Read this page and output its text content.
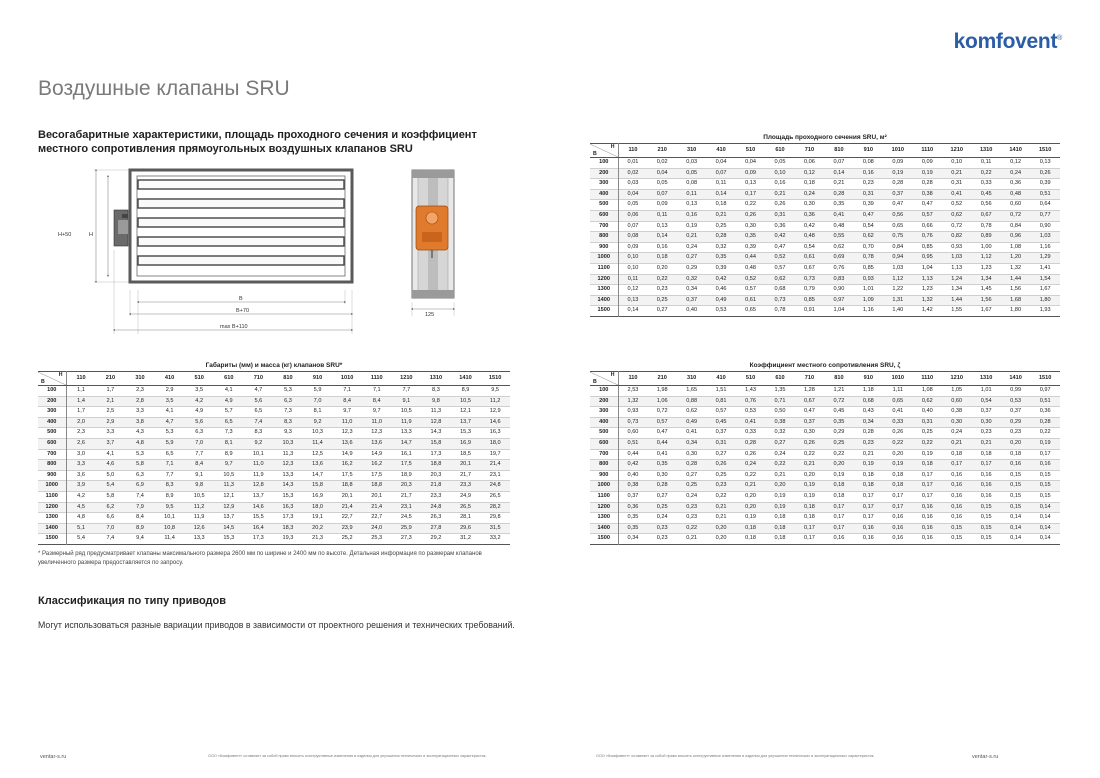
komfovent®
Воздушные клапаны SRU
Весогабаритные характеристики, площадь проходного сечения и коэффициент местного сопротивления прямоугольных воздушных клапанов SRU
H+50	H
B
B+70
max B+110
125
Площадь проходного сечения SRU, м²
H
B	110	210	310	410	510	610	710	810	910	1010	1110	1210	1310	1410	1510
100	0,01	0,02	0,03	0,04	0,04	0,05	0,06	0,07	0,08	0,09	0,09	0,10	0,11	0,12	0,13
200	0,02	0,04	0,05	0,07	0,09	0,10	0,12	0,14	0,16	0,19	0,19	0,21	0,22	0,24	0,26
300	0,03	0,05	0,08	0,11	0,13	0,16	0,18	0,21	0,23	0,28	0,28	0,31	0,33	0,36	0,39
400	0,04	0,07	0,11	0,14	0,17	0,21	0,24	0,28	0,31	0,37	0,38	0,41	0,45	0,48	0,51
500	0,05	0,09	0,13	0,18	0,22	0,26	0,30	0,35	0,39	0,47	0,47	0,52	0,56	0,60	0,64
600	0,06	0,11	0,16	0,21	0,26	0,31	0,36	0,41	0,47	0,56	0,57	0,62	0,67	0,72	0,77
700	0,07	0,13	0,19	0,25	0,30	0,36	0,42	0,48	0,54	0,65	0,66	0,72	0,78	0,84	0,90
800	0,08	0,14	0,21	0,28	0,35	0,42	0,48	0,55	0,62	0,75	0,76	0,82	0,89	0,96	1,03
900	0,09	0,16	0,24	0,32	0,39	0,47	0,54	0,62	0,70	0,84	0,85	0,93	1,00	1,08	1,16
1000	0,10	0,18	0,27	0,35	0,44	0,52	0,61	0,69	0,78	0,94	0,95	1,03	1,12	1,20	1,29
1100	0,10	0,20	0,29	0,39	0,48	0,57	0,67	0,76	0,85	1,03	1,04	1,13	1,23	1,32	1,41
1200	0,11	0,22	0,32	0,42	0,52	0,62	0,73	0,83	0,93	1,12	1,13	1,24	1,34	1,44	1,54
1300	0,12	0,23	0,34	0,46	0,57	0,68	0,79	0,90	1,01	1,22	1,23	1,34	1,45	1,56	1,67
1400	0,13	0,25	0,37	0,49	0,61	0,73	0,85	0,97	1,09	1,31	1,32	1,44	1,56	1,68	1,80
1500	0,14	0,27	0,40	0,53	0,65	0,78	0,91	1,04	1,16	1,40	1,42	1,55	1,67	1,80	1,93
Габариты (мм) и масса (кг) клапанов SRU*
H
B	110	210	310	410	510	610	710	810	910	1010	1110	1210	1310	1410	1510
100	1,1	1,7	2,3	2,9	3,5	4,1	4,7	5,3	5,9	7,1	7,1	7,7	8,3	8,9	9,5
200	1,4	2,1	2,8	3,5	4,2	4,9	5,6	6,3	7,0	8,4	8,4	9,1	9,8	10,5	11,2
300	1,7	2,5	3,3	4,1	4,9	5,7	6,5	7,3	8,1	9,7	9,7	10,5	11,3	12,1	12,9
400	2,0	2,9	3,8	4,7	5,6	6,5	7,4	8,3	9,2	11,0	11,0	11,9	12,8	13,7	14,6
500	2,3	3,3	4,3	5,3	6,3	7,3	8,3	9,3	10,3	12,3	12,3	13,3	14,3	15,3	16,3
600	2,6	3,7	4,8	5,9	7,0	8,1	9,2	10,3	11,4	13,6	13,6	14,7	15,8	16,9	18,0
700	3,0	4,1	5,3	6,5	7,7	8,9	10,1	11,3	12,5	14,9	14,9	16,1	17,3	18,5	19,7
800	3,3	4,6	5,8	7,1	8,4	9,7	11,0	12,3	13,6	16,2	16,2	17,5	18,8	20,1	21,4
900	3,6	5,0	6,3	7,7	9,1	10,5	11,9	13,3	14,7	17,5	17,5	18,9	20,3	21,7	23,1
1000	3,9	5,4	6,9	8,3	9,8	11,3	12,8	14,3	15,8	18,8	18,8	20,3	21,8	23,3	24,8
1100	4,2	5,8	7,4	8,9	10,5	12,1	13,7	15,3	16,9	20,1	20,1	21,7	23,3	24,9	26,5
1200	4,5	6,2	7,9	9,5	11,2	12,9	14,6	16,3	18,0	21,4	21,4	23,1	24,8	26,5	28,2
1300	4,8	6,6	8,4	10,1	11,9	13,7	15,5	17,3	19,1	22,7	22,7	24,5	26,3	28,1	29,8
1400	5,1	7,0	8,9	10,8	12,6	14,5	16,4	18,3	20,2	23,9	24,0	25,9	27,8	29,6	31,5
1500	5,4	7,4	9,4	11,4	13,3	15,3	17,3	19,3	21,3	25,2	25,3	27,3	29,2	31,2	33,2
Коэффициент местного сопротивления SRU, ζ
H
B	110	210	310	410	510	610	710	810	910	1010	1110	1210	1310	1410	1510
100	2,53	1,98	1,65	1,51	1,43	1,35	1,28	1,21	1,18	1,11	1,08	1,05	1,01	0,99	0,97
200	1,32	1,06	0,88	0,81	0,76	0,71	0,67	0,72	0,68	0,65	0,62	0,60	0,54	0,53	0,51
300	0,93	0,72	0,62	0,57	0,53	0,50	0,47	0,45	0,43	0,41	0,40	0,38	0,37	0,37	0,36
400	0,73	0,57	0,49	0,45	0,41	0,38	0,37	0,35	0,34	0,33	0,31	0,30	0,30	0,29	0,28
500	0,60	0,47	0,41	0,37	0,33	0,32	0,30	0,29	0,28	0,26	0,25	0,24	0,23	0,23	0,22
600	0,51	0,44	0,34	0,31	0,28	0,27	0,26	0,25	0,23	0,22	0,22	0,21	0,21	0,20	0,19
700	0,44	0,41	0,30	0,27	0,26	0,24	0,22	0,22	0,21	0,20	0,19	0,18	0,18	0,18	0,17
800	0,42	0,35	0,28	0,26	0,24	0,22	0,21	0,20	0,19	0,19	0,18	0,17	0,17	0,16	0,16
900	0,40	0,30	0,27	0,25	0,22	0,21	0,20	0,19	0,18	0,18	0,17	0,16	0,16	0,15	0,15
1000	0,38	0,28	0,25	0,23	0,21	0,20	0,19	0,18	0,18	0,18	0,17	0,16	0,16	0,15	0,15
1100	0,37	0,27	0,24	0,22	0,20	0,19	0,19	0,18	0,17	0,17	0,17	0,16	0,16	0,15	0,15
1200	0,36	0,25	0,23	0,21	0,20	0,19	0,18	0,17	0,17	0,17	0,16	0,16	0,15	0,15	0,14
1300	0,35	0,24	0,23	0,21	0,19	0,18	0,18	0,17	0,17	0,16	0,16	0,16	0,15	0,14	0,14
1400	0,35	0,23	0,22	0,20	0,18	0,18	0,17	0,17	0,16	0,16	0,16	0,15	0,15	0,14	0,14
1500	0,34	0,23	0,21	0,20	0,18	0,18	0,17	0,16	0,16	0,16	0,16	0,15	0,15	0,14	0,14

* Размерный ряд предусматривает клапаны максимального размера 2600 мм по ширине и 2400 мм по высоте. Детальная информация по размерам клапанов увеличенного размера предоставляется по запросу.

Классификация по типу приводов

Могут использоваться разные вариации приводов в зависимости от проектного решения и технических требований.

ventar-s.ru	ООО «Комфовент» оставляет за собой право вносить конструктивные изменения в изделия для улучшения технических и эксплуатационных характеристик.	ООО «Комфовент» оставляет за собой право вносить конструктивные изменения в изделия для улучшения технических и эксплуатационных характеристик.	ventar-s.ru
